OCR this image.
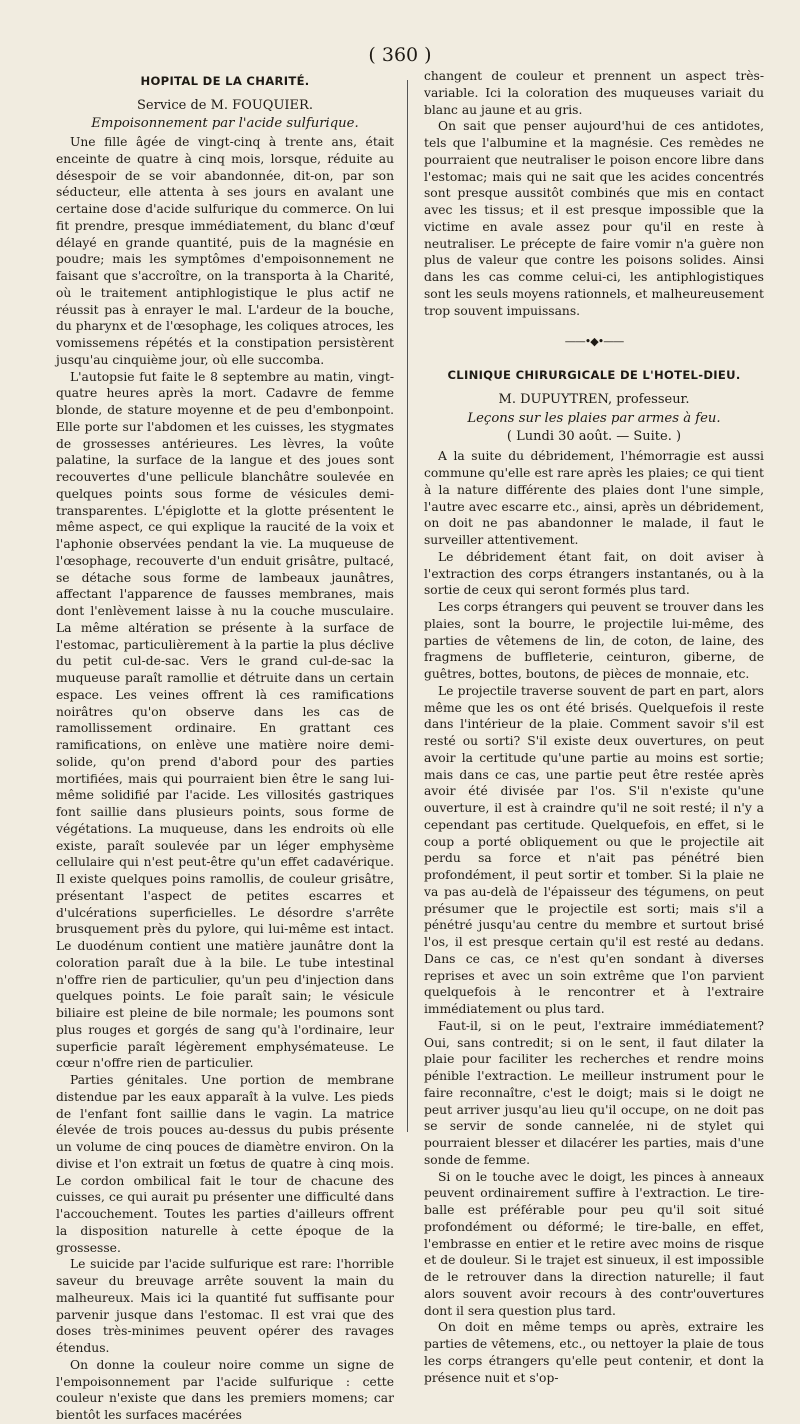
( 360 )
HOPITAL DE LA CHARITÉ.
Service de M. FOUQUIER.
Empoisonnement par l'acide sulfurique.

Une fille âgée de vingt-cinq à trente ans, était enceinte de quatre à cinq mois, lorsque, réduite au désespoir de se voir abandonnée, dit-on, par son séducteur, elle attenta à ses jours en avalant une certaine dose d'acide sulfurique du commerce. On lui fit prendre, presque immédiatement, du blanc d'œuf délayé en grande quantité, puis de la magnésie en poudre; mais les symptômes d'empoisonnement ne faisant que s'accroître, on la transporta à la Charité, où le traitement antiphlogistique le plus actif ne réussit pas à enrayer le mal. L'ardeur de la bouche, du pharynx et de l'œsophage, les coliques atroces, les vomissemens répétés et la constipation persistèrent jusqu'au cinquième jour, où elle succomba.

L'autopsie fut faite le 8 septembre au matin, vingt-quatre heures après la mort. Cadavre de femme blonde, de stature moyenne et de peu d'embonpoint. Elle porte sur l'abdomen et les cuisses, les stygmates de grossesses antérieures. Les lèvres, la voûte palatine, la surface de la langue et des joues sont recouvertes d'une pellicule blanchâtre soulevée en quelques points sous forme de vésicules demi-transparentes. L'épiglotte et la glotte présentent le même aspect, ce qui explique la raucité de la voix et l'aphonie observées pendant la vie. La muqueuse de l'œsophage, recouverte d'un enduit grisâtre, pultacé, se détache sous forme de lambeaux jaunâtres, affectant l'apparence de fausses membranes, mais dont l'enlèvement laisse à nu la couche musculaire. La même altération se présente à la surface de l'estomac, particulièrement à la partie la plus déclive du petit cul-de-sac. Vers le grand cul-de-sac la muqueuse paraît ramollie et détruite dans un certain espace. Les veines offrent là ces ramifications noirâtres qu'on observe dans les cas de ramollissement ordinaire. En grattant ces ramifications, on enlève une matière noire demi-solide, qu'on prend d'abord pour des parties mortifiées, mais qui pourraient bien être le sang lui-même solidifié par l'acide. Les villosités gastriques font saillie dans plusieurs points, sous forme de végétations. La muqueuse, dans les endroits où elle existe, paraît soulevée par un léger emphysème cellulaire qui n'est peut-être qu'un effet cadavérique. Il existe quelques poins ramollis, de couleur grisâtre, présentant l'aspect de petites escarres et d'ulcérations superficielles. Le désordre s'arrête brusquement près du pylore, qui lui-même est intact. Le duodénum contient une matière jaunâtre dont la coloration paraît due à la bile. Le tube intestinal n'offre rien de particulier, qu'un peu d'injection dans quelques points. Le foie paraît sain; le vésicule biliaire est pleine de bile normale; les poumons sont plus rouges et gorgés de sang qu'à l'ordinaire, leur superficie paraît légèrement emphysémateuse. Le cœur n'offre rien de particulier.

Parties génitales. Une portion de membrane distendue par les eaux apparaît à la vulve. Les pieds de l'enfant font saillie dans le vagin. La matrice élevée de trois pouces au-dessus du pubis présente un volume de cinq pouces de diamètre environ. On la divise et l'on extrait un fœtus de quatre à cinq mois. Le cordon ombilical fait le tour de chacune des cuisses, ce qui aurait pu présenter une difficulté dans l'accouchement. Toutes les parties d'ailleurs offrent la disposition naturelle à cette époque de la grossesse.

Le suicide par l'acide sulfurique est rare: l'horrible saveur du breuvage arrête souvent la main du malheureux. Mais ici la quantité fut suffisante pour parvenir jusque dans l'estomac. Il est vrai que des doses très-minimes peuvent opérer des ravages étendus.

On donne la couleur noire comme un signe de l'empoisonnement par l'acide sulfurique : cette couleur n'existe que dans les premiers momens; car bientôt les surfaces macérées

changent de couleur et prennent un aspect très-variable. Ici la coloration des muqueuses variait du blanc au jaune et au gris.

On sait que penser aujourd'hui de ces antidotes, tels que l'albumine et la magnésie. Ces remèdes ne pourraient que neutraliser le poison encore libre dans l'estomac; mais qui ne sait que les acides concentrés sont presque aussitôt combinés que mis en contact avec les tissus; et il est presque impossible que la victime en avale assez pour qu'il en reste à neutraliser. Le précepte de faire vomir n'a guère non plus de valeur que contre les poisons solides. Ainsi dans les cas comme celui-ci, les antiphlogistiques sont les seuls moyens rationnels, et malheureusement trop souvent impuissans.

——•◆•——
CLINIQUE CHIRURGICALE DE L'HOTEL-DIEU.
M. DUPUYTREN, professeur.
Leçons sur les plaies par armes à feu.
( Lundi 30 août. — Suite. )

A la suite du débridement, l'hémorragie est aussi commune qu'elle est rare après les plaies; ce qui tient à la nature différente des plaies dont l'une simple, l'autre avec escarre etc., ainsi, après un débridement, on doit ne pas abandonner le malade, il faut le surveiller attentivement.

Le débridement étant fait, on doit aviser à l'extraction des corps étrangers instantanés, ou à la sortie de ceux qui seront formés plus tard.

Les corps étrangers qui peuvent se trouver dans les plaies, sont la bourre, le projectile lui-même, des parties de vêtemens de lin, de coton, de laine, des fragmens de buffleterie, ceinturon, giberne, de guêtres, bottes, boutons, de pièces de monnaie, etc.

Le projectile traverse souvent de part en part, alors même que les os ont été brisés. Quelquefois il reste dans l'intérieur de la plaie. Comment savoir s'il est resté ou sorti? S'il existe deux ouvertures, on peut avoir la certitude qu'une partie au moins est sortie; mais dans ce cas, une partie peut être restée après avoir été divisée par l'os. S'il n'existe qu'une ouverture, il est à craindre qu'il ne soit resté; il n'y a cependant pas certitude. Quelquefois, en effet, si le coup a porté obliquement ou que le projectile ait perdu sa force et n'ait pas pénétré bien profondément, il peut sortir et tomber. Si la plaie ne va pas au-delà de l'épaisseur des tégumens, on peut présumer que le projectile est sorti; mais s'il a pénétré jusqu'au centre du membre et surtout brisé l'os, il est presque certain qu'il est resté au dedans. Dans ce cas, ce n'est qu'en sondant à diverses reprises et avec un soin extrême que l'on parvient quelquefois à le rencontrer et à l'extraire immédiatement ou plus tard.

Faut-il, si on le peut, l'extraire immédiatement? Oui, sans contredit; si on le sent, il faut dilater la plaie pour faciliter les recherches et rendre moins pénible l'extraction. Le meilleur instrument pour le faire reconnaître, c'est le doigt; mais si le doigt ne peut arriver jusqu'au lieu qu'il occupe, on ne doit pas se servir de sonde cannelée, ni de stylet qui pourraient blesser et dilacérer les parties, mais d'une sonde de femme.

Si on le touche avec le doigt, les pinces à anneaux peuvent ordinairement suffire à l'extraction. Le tire-balle est préférable pour peu qu'il soit situé profondément ou déformé; le tire-balle, en effet, l'embrasse en entier et le retire avec moins de risque et de douleur. Si le trajet est sinueux, il est impossible de le retrouver dans la direction naturelle; il faut alors souvent avoir recours à des contr'ouvertures dont il sera question plus tard.

On doit en même temps ou après, extraire les parties de vêtemens, etc., ou nettoyer la plaie de tous les corps étrangers qu'elle peut contenir, et dont la présence nuit et s'op-
